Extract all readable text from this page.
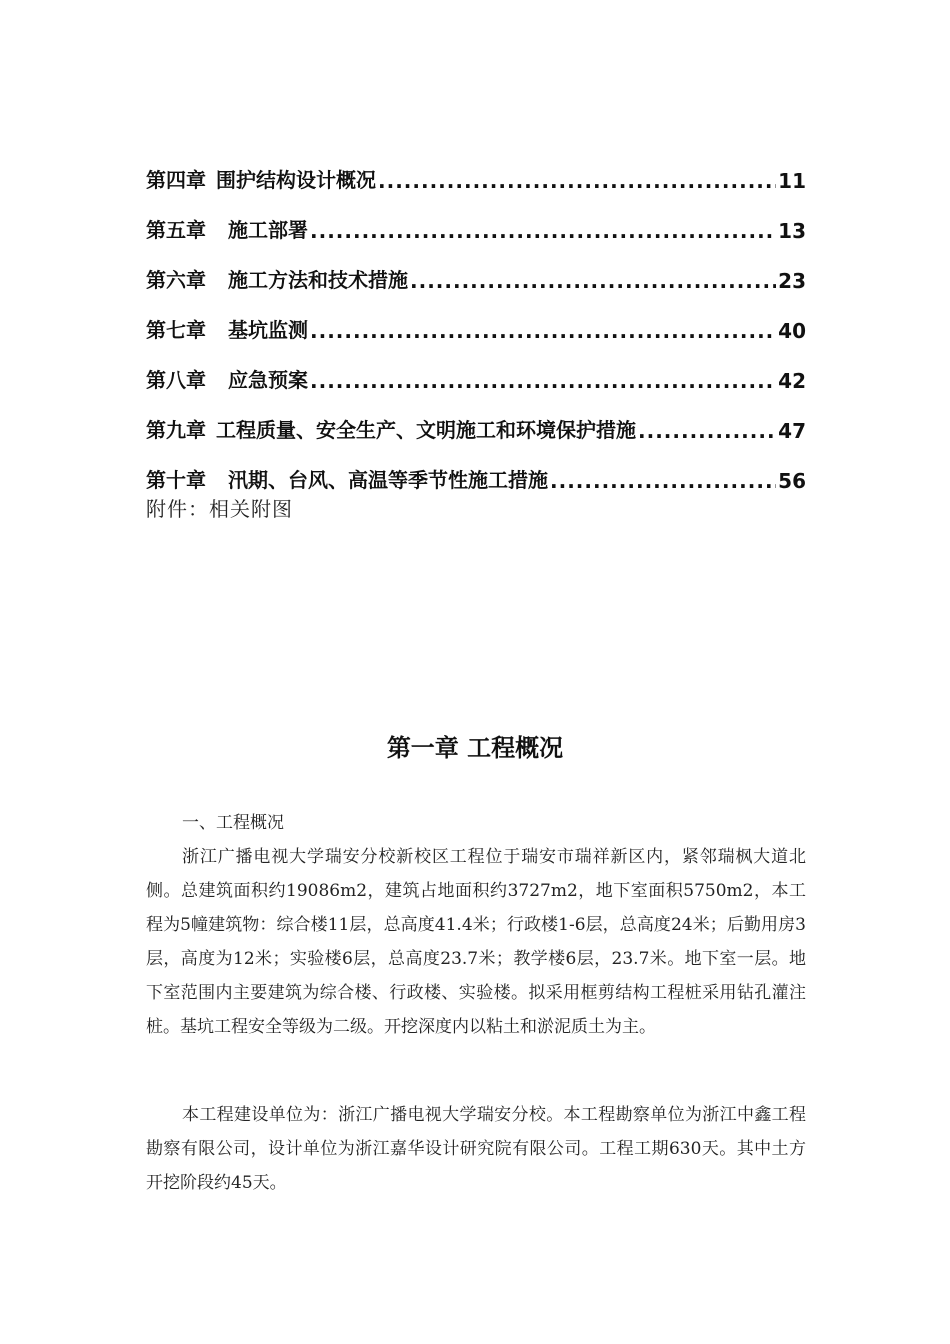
第四章 围护结构设计概况 .....	11
第五章 施工部署 .....	13
第六章 施工方法和技术措施 .....	23
第七章 基坑监测 .....	40
第八章 应急预案 .....	42
第九章 工程质量、安全生产、文明施工和环境保护措施 .....	47
第十章 汛期、台风、高温等季节性施工措施 .....	56
附件：相关附图
第一章 工程概况
一、工程概况

浙江广播电视大学瑞安分校新校区工程位于瑞安市瑞祥新区内，紧邻瑞枫大道北侧。总建筑面积约19086m2，建筑占地面积约3727m2，地下室面积5750m2，本工程为5幢建筑物：综合楼11层，总高度41.4米；行政楼1-6层，总高度24米；后勤用房3层，高度为12米；实验楼6层，总高度23.7米；教学楼6层，23.7米。地下室一层。地下室范围内主要建筑为综合楼、行政楼、实验楼。拟采用框剪结构工程桩采用钻孔灌注桩。基坑工程安全等级为二级。开挖深度内以粘土和淤泥质土为主。

本工程建设单位为：浙江广播电视大学瑞安分校。本工程勘察单位为浙江中鑫工程勘察有限公司，设计单位为浙江嘉华设计研究院有限公司。工程工期630天。其中土方开挖阶段约45天。
